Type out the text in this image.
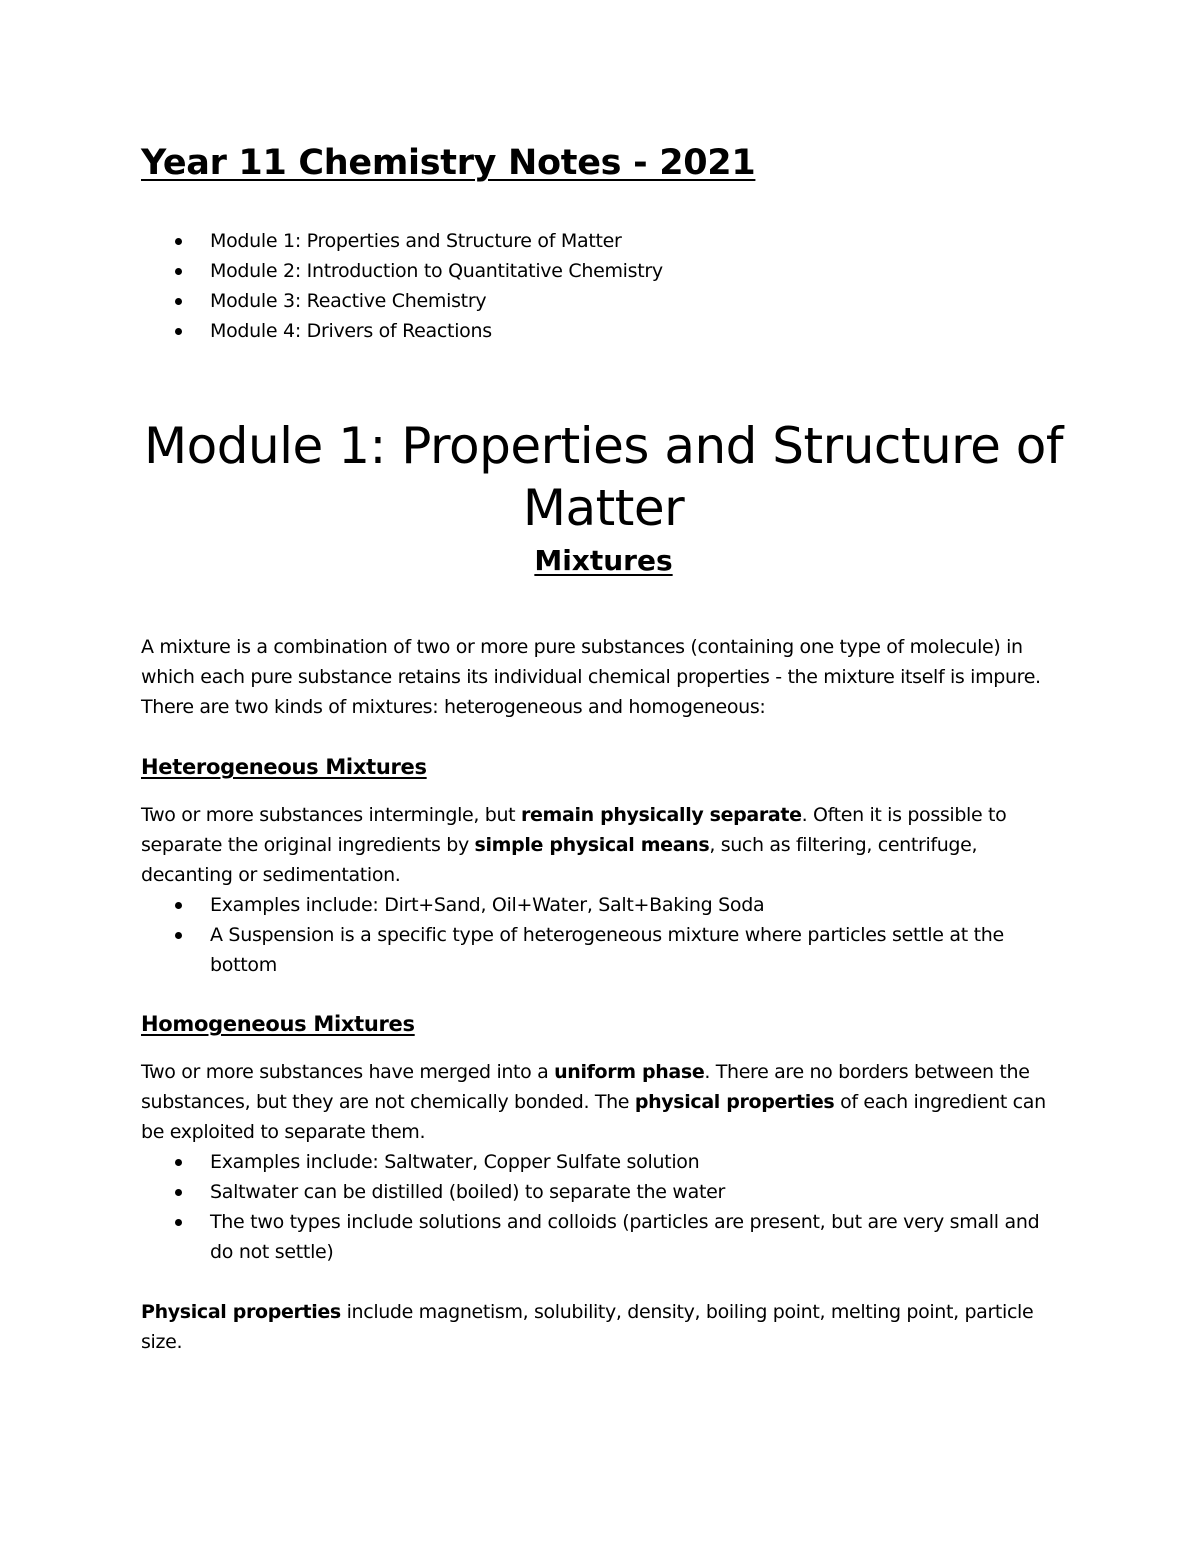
Year 11 Chemistry Notes - 2021
Module 1: Properties and Structure of Matter
Module 2: Introduction to Quantitative Chemistry
Module 3: Reactive Chemistry
Module 4: Drivers of Reactions
Module 1: Properties and Structure of
Matter
Mixtures

A mixture is a combination of two or more pure substances (containing one type of molecule) in which each pure substance retains its individual chemical properties - the mixture itself is impure. There are two kinds of mixtures: heterogeneous and homogeneous:

Heterogeneous Mixtures

Two or more substances intermingle, but remain physically separate. Often it is possible to separate the original ingredients by simple physical means, such as filtering, centrifuge, decanting or sedimentation.

Examples include: Dirt+Sand, Oil+Water, Salt+Baking Soda
A Suspension is a specific type of heterogeneous mixture where particles settle at the bottom
Homogeneous Mixtures

Two or more substances have merged into a uniform phase. There are no borders between the substances, but they are not chemically bonded. The physical properties of each ingredient can be exploited to separate them.

Examples include: Saltwater, Copper Sulfate solution
Saltwater can be distilled (boiled) to separate the water
The two types include solutions and colloids (particles are present, but are very small and do not settle)

Physical properties include magnetism, solubility, density, boiling point, melting point, particle size.
